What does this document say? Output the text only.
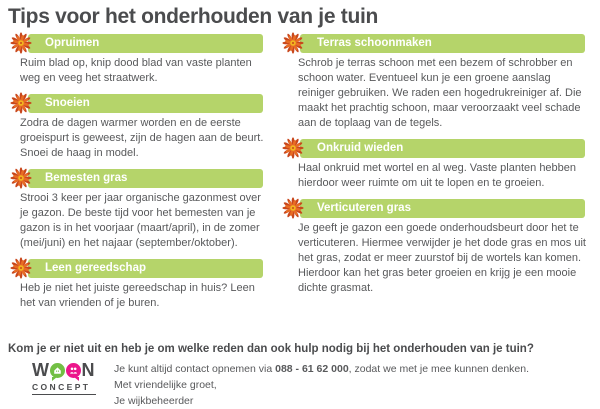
Tips voor het onderhouden van je tuin
Opruimen

Ruim blad op, knip dood blad van vaste planten weg en veeg het straatwerk.

Snoeien

Zodra de dagen warmer worden en de eerste groeispurt is geweest, zijn de hagen aan de beurt. Snoei de haag in model.

Bemesten gras

Strooi 3 keer per jaar organische gazonmest over je gazon. De beste tijd voor het bemesten van je gazon is in het voorjaar (maart/april), in de zomer (mei/juni) en het najaar (september/oktober).

Leen gereedschap

Heb je niet het juiste gereedschap in huis? Leen het van vrienden of je buren.

Terras schoonmaken

Schrob je terras schoon met een bezem of schrobber en schoon water. Eventueel kun je een groene aanslag reiniger gebruiken. We raden een hogedrukreiniger af. Die maakt het prachtig schoon, maar veroorzaakt veel schade aan de toplaag van de tegels.

Onkruid wieden

Haal onkruid met wortel en al weg. Vaste planten hebben hierdoor weer ruimte om uit te lopen en te groeien.

Verticuteren gras

Je geeft je gazon een goede onderhoudsbeurt door het te verticuteren. Hiermee verwijder je het dode gras en mos uit het gras, zodat er meer zuurstof bij de wortels kan komen. Hierdoor kan het gras beter groeien en krijg je een mooie dichte grasmat.

Kom je er niet uit en heb je om welke reden dan ook hulp nodig bij het onderhouden van je tuin?

W N
CONCEPT
Je kunt altijd contact opnemen via 088 - 61 62 000, zodat we met je mee kunnen denken.
Met vriendelijke groet,
Je wijkbeheerder
